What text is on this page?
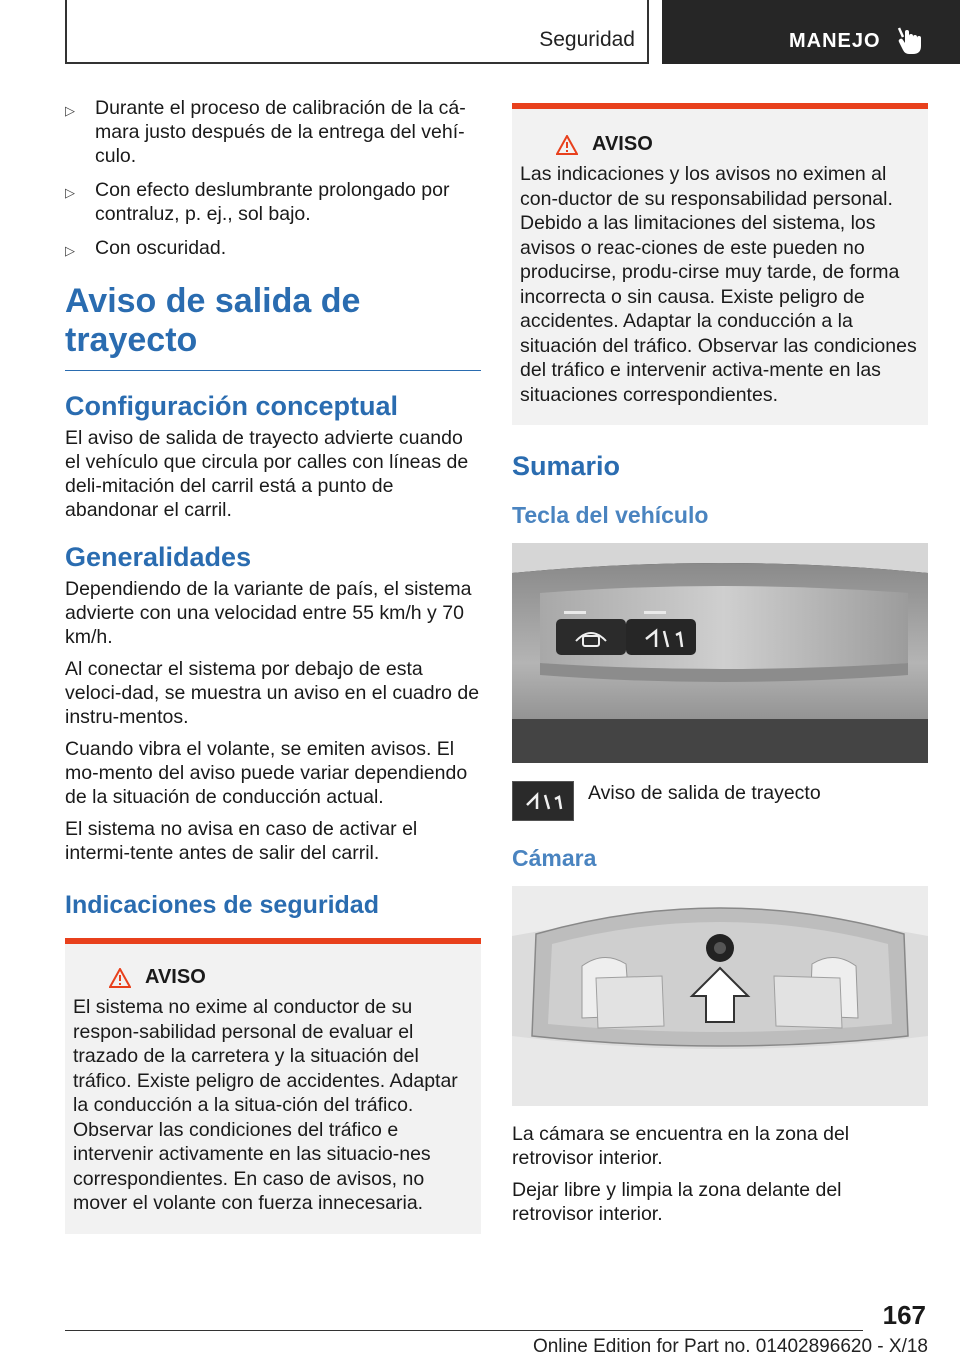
Seguridad	MANEJO
▷ Durante el proceso de calibración de la cá-mara justo después de la entrega del vehí-culo.
▷ Con efecto deslumbrante prolongado por contraluz, p. ej., sol bajo.
▷ Con oscuridad.
Aviso de salida de trayecto
Configuración conceptual

El aviso de salida de trayecto advierte cuando el vehículo que circula por calles con líneas de deli-mitación del carril está a punto de abandonar el carril.

Generalidades

Dependiendo de la variante de país, el sistema advierte con una velocidad entre 55 km/h y 70 km/h.

Al conectar el sistema por debajo de esta veloci-dad, se muestra un aviso en el cuadro de instru-mentos.

Cuando vibra el volante, se emiten avisos. El mo-mento del aviso puede variar dependiendo de la situación de conducción actual.

El sistema no avisa en caso de activar el intermi-tente antes de salir del carril.

Indicaciones de seguridad
AVISO

El sistema no exime al conductor de su respon-sabilidad personal de evaluar el trazado de la carretera y la situación del tráfico. Existe peligro de accidentes. Adaptar la conducción a la situa-ción del tráfico. Observar las condiciones del tráfico e intervenir activamente en las situacio-nes correspondientes. En caso de avisos, no mover el volante con fuerza innecesaria.

AVISO

Las indicaciones y los avisos no eximen al con-ductor de su responsabilidad personal. Debido a las limitaciones del sistema, los avisos o reac-ciones de este pueden no producirse, produ-cirse muy tarde, de forma incorrecta o sin causa. Existe peligro de accidentes. Adaptar la conducción a la situación del tráfico. Observar las condiciones del tráfico e intervenir activa-mente en las situaciones correspondientes.

Sumario
Tecla del vehículo
Aviso de salida de trayecto
Cámara

La cámara se encuentra en la zona del retrovisor interior.

Dejar libre y limpia la zona delante del retrovisor interior.

167
Online Edition for Part no. 01402896620 - X/18
